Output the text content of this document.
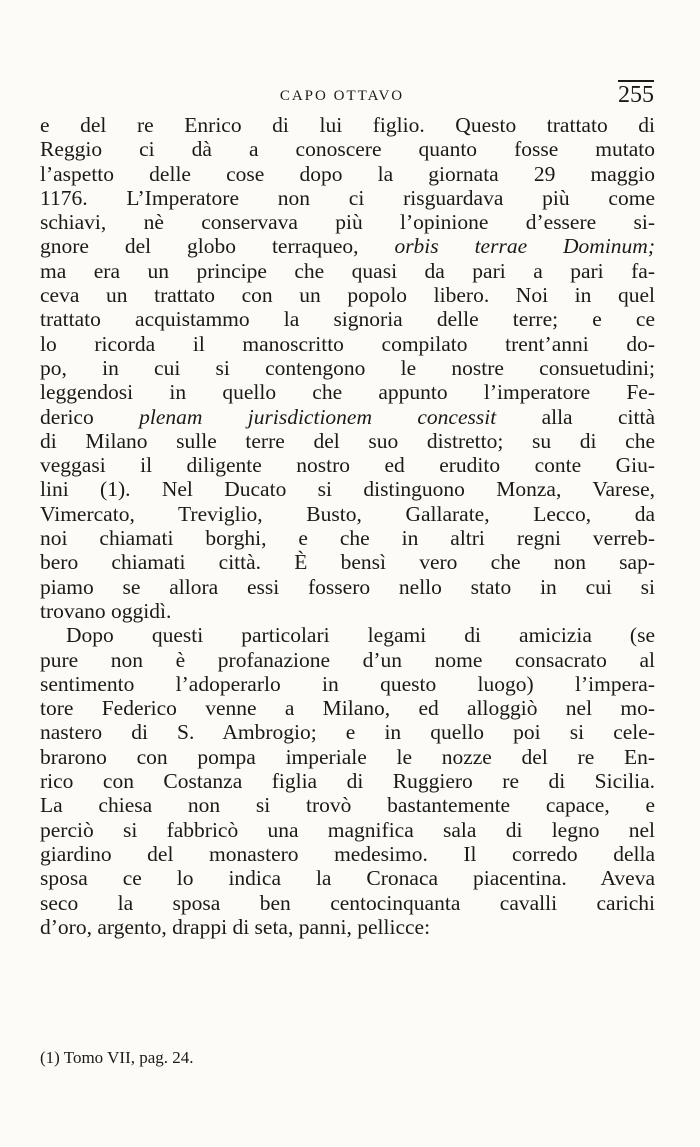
CAPO OTTAVO	255
e del re Enrico di lui figlio. Questo trattato di
Reggio ci dà a conoscere quanto fosse mutato
l’aspetto delle cose dopo la giornata 29 maggio
1176. L’Imperatore non ci risguardava più come
schiavi, nè conservava più l’opinione d’essere si-
gnore del globo terraqueo, orbis terrae Dominum;
ma era un principe che quasi da pari a pari fa-
ceva un trattato con un popolo libero. Noi in quel
trattato acquistammo la signoria delle terre; e ce
lo ricorda il manoscritto compilato trent’anni do-
po, in cui si contengono le nostre consuetudini;
leggendosi in quello che appunto l’imperatore Fe-
derico plenam jurisdictionem concessit alla città
di Milano sulle terre del suo distretto; su di che
veggasi il diligente nostro ed erudito conte Giu-
lini (1). Nel Ducato si distinguono Monza, Varese,
Vimercato, Treviglio, Busto, Gallarate, Lecco, da
noi chiamati borghi, e che in altri regni verreb-
bero chiamati città. È bensì vero che non sap-
piamo se allora essi fossero nello stato in cui si
trovano oggidì.
Dopo questi particolari legami di amicizia (se
pure non è profanazione d’un nome consacrato al
sentimento l’adoperarlo in questo luogo) l’impera-
tore Federico venne a Milano, ed alloggiò nel mo-
nastero di S. Ambrogio; e in quello poi si cele-
brarono con pompa imperiale le nozze del re En-
rico con Costanza figlia di Ruggiero re di Sicilia.
La chiesa non si trovò bastantemente capace, e
perciò si fabbricò una magnifica sala di legno nel
giardino del monastero medesimo. Il corredo della
sposa ce lo indica la Cronaca piacentina. Aveva
seco la sposa ben centocinquanta cavalli carichi
d’oro, argento, drappi di seta, panni, pellicce:
(1) Tomo VII, pag. 24.
